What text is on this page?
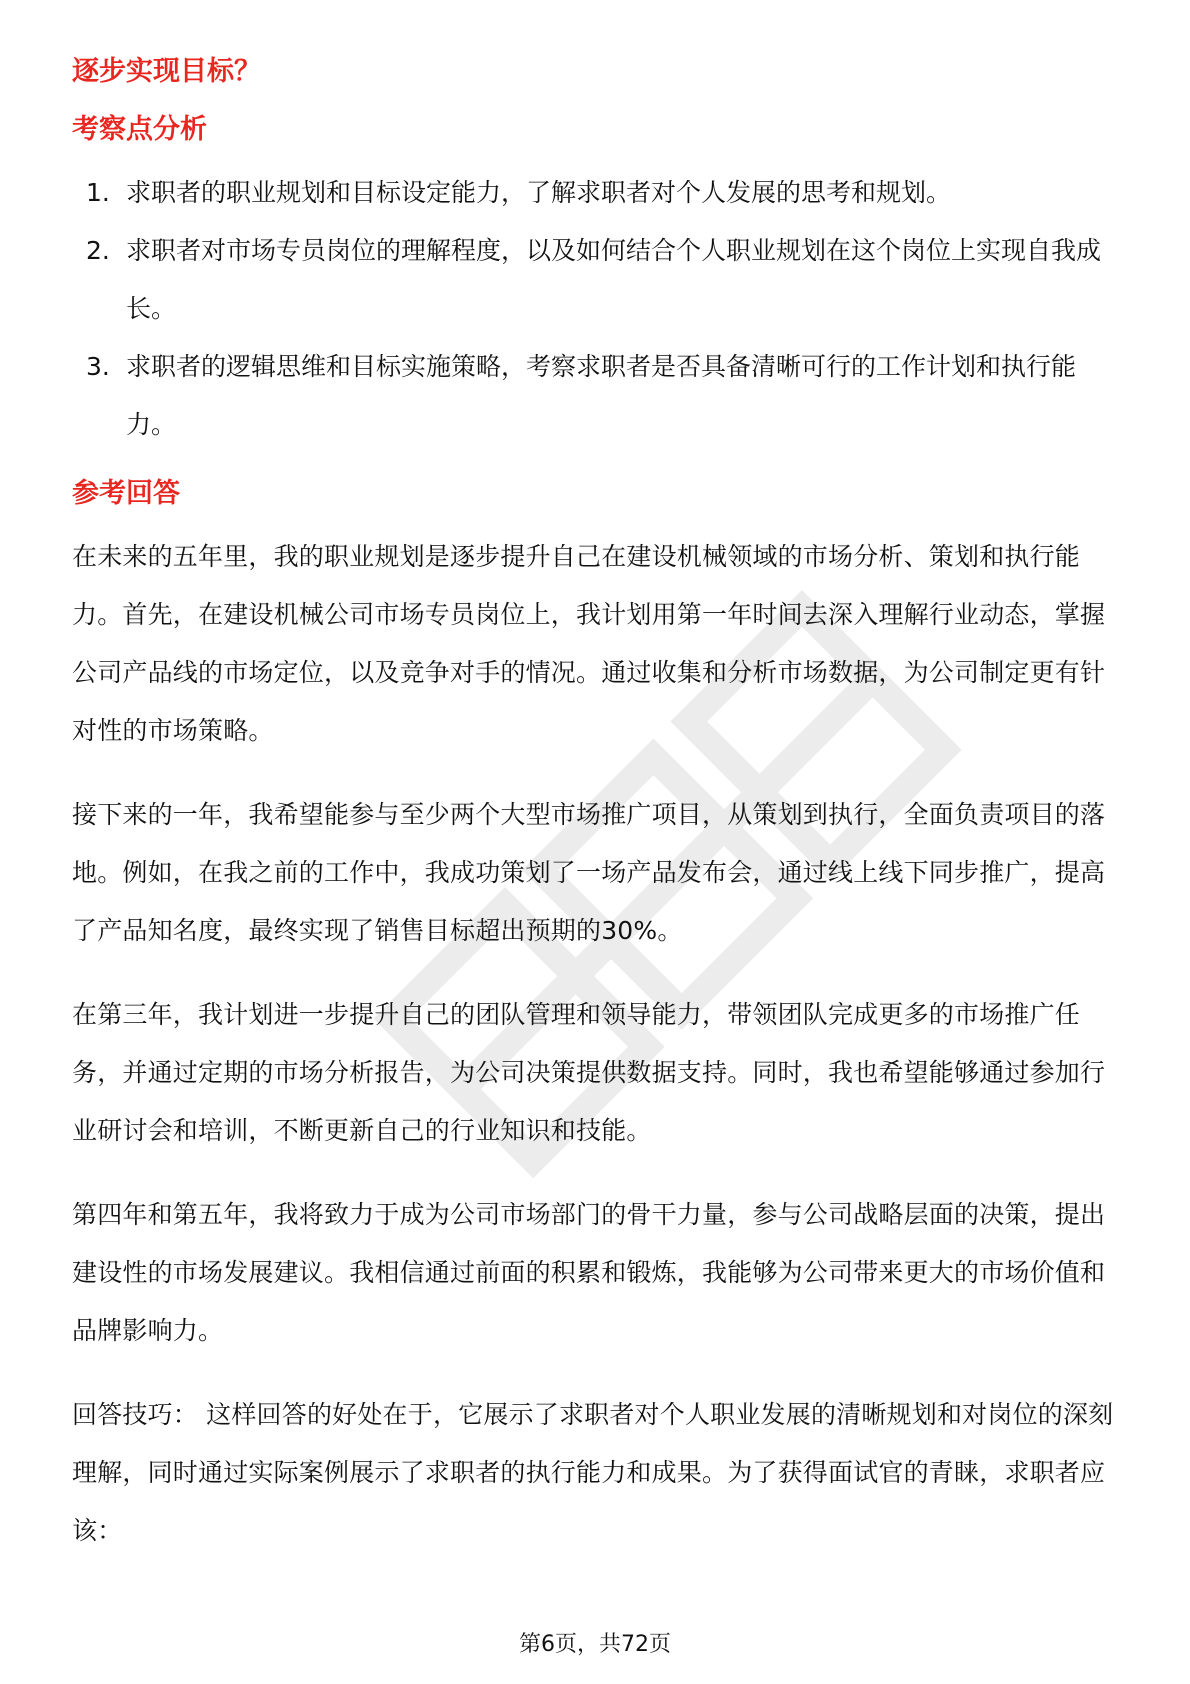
逐步实现目标？
考察点分析
1. 求职者的职业规划和目标设定能力，了解求职者对个人发展的思考和规划。
2. 求职者对市场专员岗位的理解程度，以及如何结合个人职业规划在这个岗位上实现自我成长。
3. 求职者的逻辑思维和目标实施策略，考察求职者是否具备清晰可行的工作计划和执行能力。
参考回答

在未来的五年里，我的职业规划是逐步提升自己在建设机械领域的市场分析、策划和执行能力。首先，在建设机械公司市场专员岗位上，我计划用第一年时间去深入理解行业动态，掌握公司产品线的市场定位，以及竞争对手的情况。通过收集和分析市场数据，为公司制定更有针对性的市场策略。

接下来的一年，我希望能参与至少两个大型市场推广项目，从策划到执行，全面负责项目的落地。例如，在我之前的工作中，我成功策划了一场产品发布会，通过线上线下同步推广，提高了产品知名度，最终实现了销售目标超出预期的30%。

在第三年，我计划进一步提升自己的团队管理和领导能力，带领团队完成更多的市场推广任务，并通过定期的市场分析报告，为公司决策提供数据支持。同时，我也希望能够通过参加行业研讨会和培训，不断更新自己的行业知识和技能。

第四年和第五年，我将致力于成为公司市场部门的骨干力量，参与公司战略层面的决策，提出建设性的市场发展建议。我相信通过前面的积累和锻炼，我能够为公司带来更大的市场价值和品牌影响力。

回答技巧： 这样回答的好处在于，它展示了求职者对个人职业发展的清晰规划和对岗位的深刻理解，同时通过实际案例展示了求职者的执行能力和成果。为了获得面试官的青睐，求职者应该：

第6页，共72页
